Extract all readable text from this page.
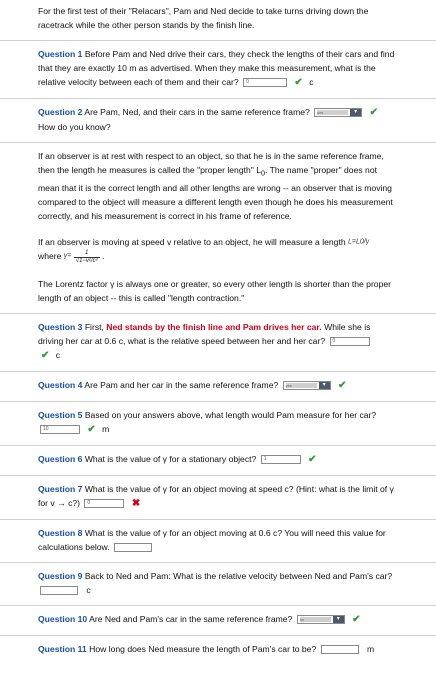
For the first test of their "Relacars", Pam and Ned decide to take turns driving down the racetrack while the other person stands by the finish line.
Question 1 Before Pam and Ned drive their cars, they check the lengths of their cars and find that they are exactly 10 m as advertised. When they make this measurement, what is the relative velocity between each of them and their car? 0	✔ c
Question 2 Are Pam, Ned, and their cars in the same reference frame? yes	▾	✔
How do you know?
If an observer is at rest with respect to an object, so that he is in the same reference frame, then the length he measures is called the "proper length" $L_0$. The name "proper" does not mean that it is the correct length and all other lengths are wrong -- an observer that is moving compared to the object will measure a different length even though he does his measurement correctly, and his measurement is correct in his frame of reference.
If an observer is moving at speed v relative to an object, he will measure a length L=L0/γ
where $\gamma= \frac{1}{\text{√1−v²/c²}}$ .
The Lorentz factor γ is always one or greater, so every other length is shorter than the proper length of an object -- this is called "length contraction."
Question 3 First, Ned stands by the finish line and Pam drives her car. While she is driving her car at 0.6 c, what is the relative speed between her and her car? 0
✔ c
Question 4 Are Pam and her car in the same reference frame? yes	▾	✔
Question 5 Based on your answers above, what length would Pam measure for her car? 10	✔ m
Question 6 What is the value of γ for a stationary object? 1	✔
Question 7 What is the value of γ for an object moving at speed c? (Hint: what is the limit of γ for v → c?) 0	✖
Question 8 What is the value of γ for an object moving at 0.6 c? You will need this value for calculations below.
Question 9 Back to Ned and Pam: What is the relative velocity between Ned and Pam's car?  c
Question 10 Are Ned and Pam's car in the same reference frame? no	▾	✔
Question 11 How long does Ned measure the length of Pam's car to be?	m
